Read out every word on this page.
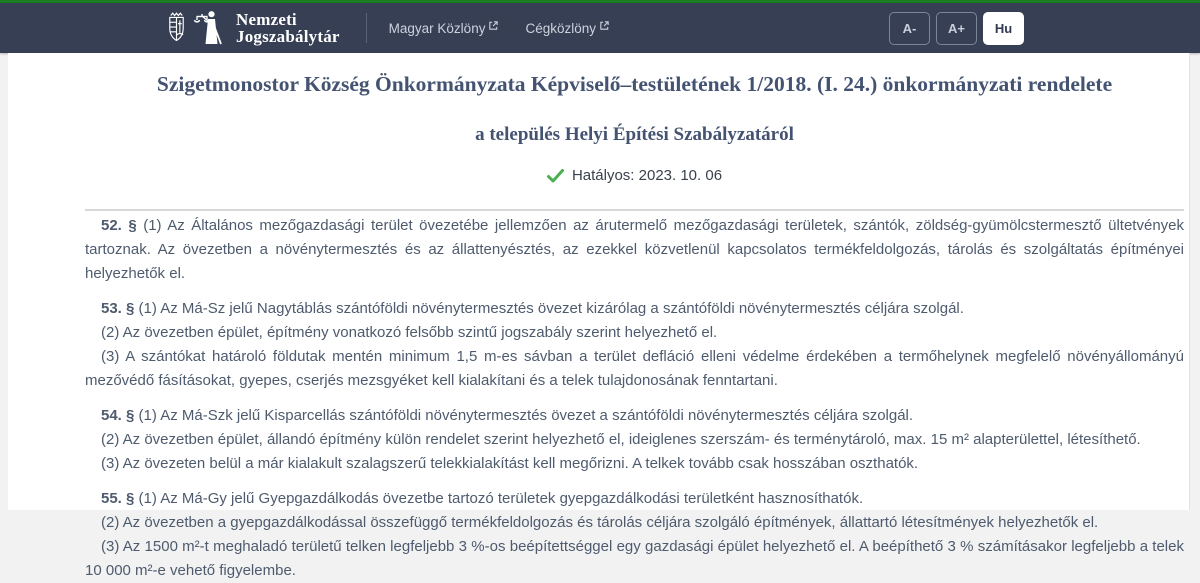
Nemzeti
Jogszabálytár	Magyar Közlöny	Cégközlöny	A-	A+	Hu
Szigetmonostor Község Önkormányzata Képviselő–testületének 1/2018. (I. 24.) önkormányzati rendelete
a település Helyi Építési Szabályzatáról
Hatályos: 2023. 10. 06
52. § (1) Az Általános mezőgazdasági terület övezetébe jellemzően az árutermelő mezőgazdasági területek, szántók, zöldség-gyümölcstermesztő ültetvények tartoznak. Az övezetben a növénytermesztés és az állattenyésztés, az ezekkel közvetlenül kapcsolatos termékfeldolgozás, tárolás és szolgáltatás építményei helyezhetők el.
53. § (1) Az Má-Sz jelű Nagytáblás szántóföldi növénytermesztés övezet kizárólag a szántóföldi növénytermesztés céljára szolgál.
(2) Az övezetben épület, építmény vonatkozó felsőbb szintű jogszabály szerint helyezhető el.
(3) A szántókat határoló földutak mentén minimum 1,5 m-es sávban a terület defláció elleni védelme érdekében a termőhelynek megfelelő növényállományú mezővédő fásításokat, gyepes, cserjés mezsgyéket kell kialakítani és a telek tulajdonosának fenntartani.
54. § (1) Az Má-Szk jelű Kisparcellás szántóföldi növénytermesztés övezet a szántóföldi növénytermesztés céljára szolgál.
(2) Az övezetben épület, állandó építmény külön rendelet szerint helyezhető el, ideiglenes szerszám- és terménytároló, max. 15 m² alapterülettel, létesíthető.
(3) Az övezeten belül a már kialakult szalagszerű telekkialakítást kell megőrizni. A telkek tovább csak hosszában oszthatók.
55. § (1) Az Má-Gy jelű Gyepgazdálkodás övezetbe tartozó területek gyepgazdálkodási területként hasznosíthatók.
(2) Az övezetben a gyepgazdálkodással összefüggő termékfeldolgozás és tárolás céljára szolgáló építmények, állattartó létesítmények helyezhetők el.
(3) Az 1500 m²-t meghaladó területű telken legfeljebb 3 %-os beépítettséggel egy gazdasági épület helyezhető el. A beépíthető 3 % számításakor legfeljebb a telek 10 000 m²-e vehető figyelembe.
